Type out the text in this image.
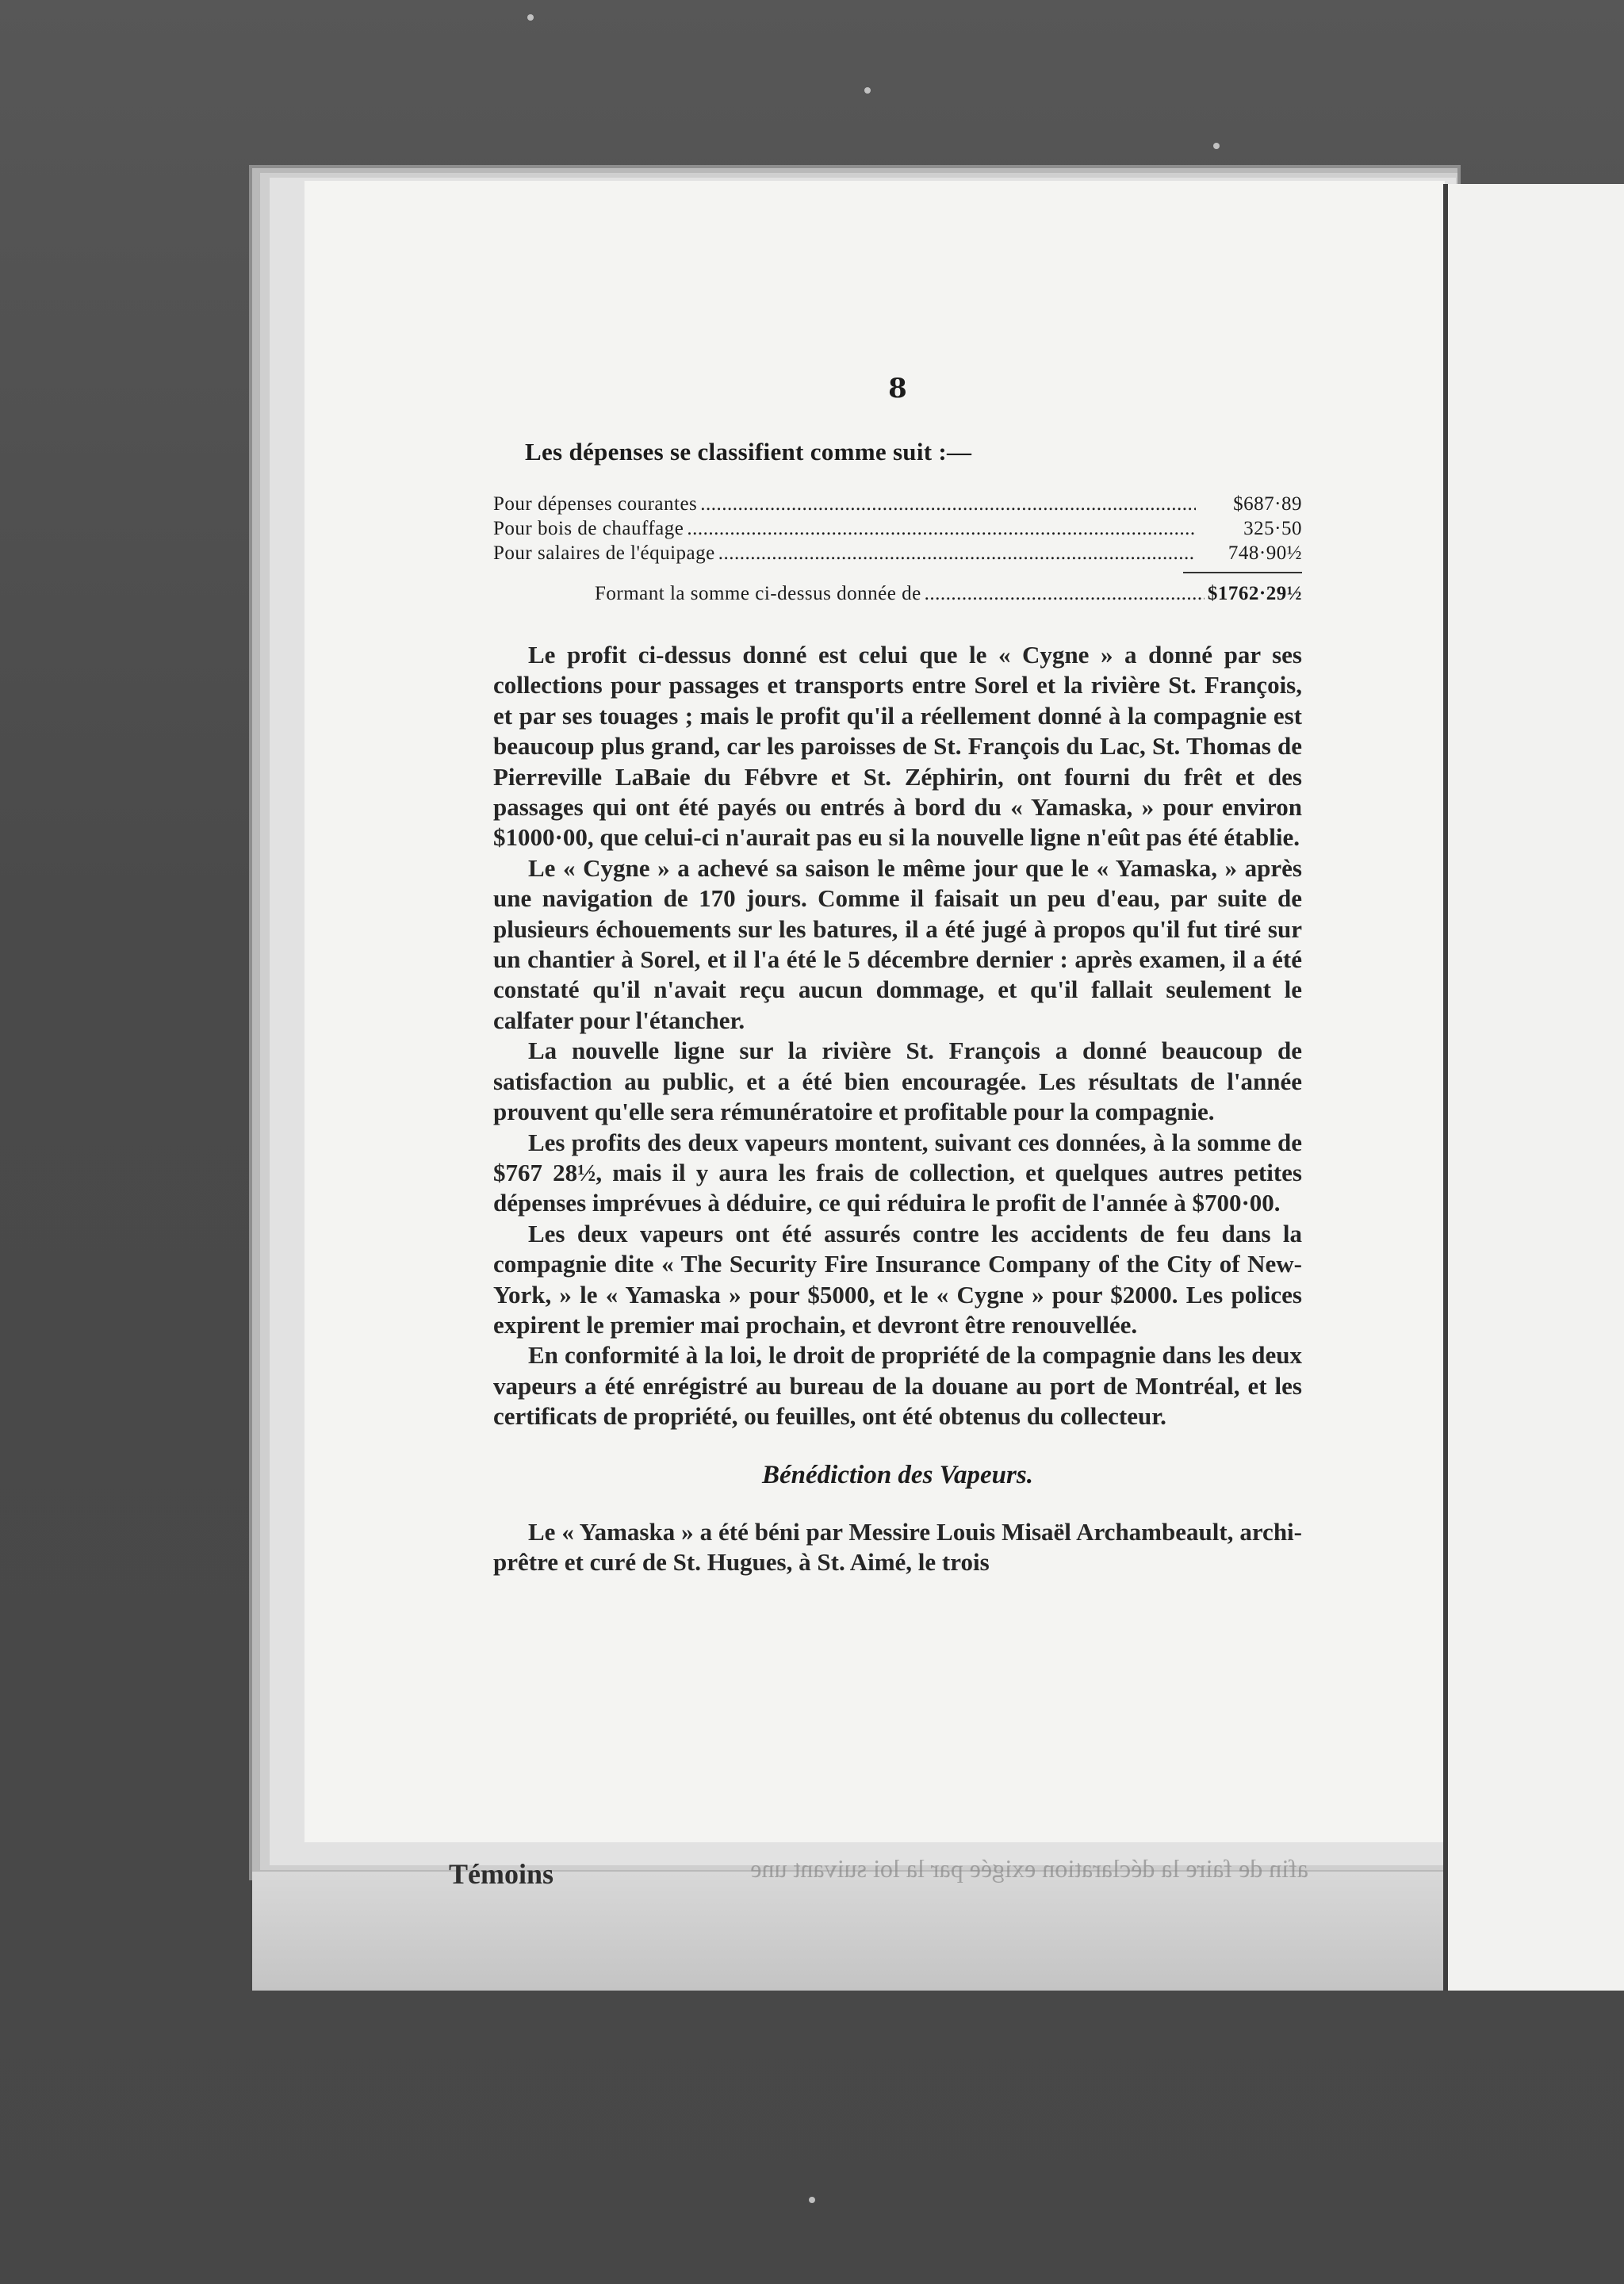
8
Les dépenses se classifient comme suit :—
Pour dépenses courantes .....	$687·89
Pour bois de chauffage .....	325·50
Pour salaires de l'équipage .....	748·90½
Formant la somme ci-dessus donnée de .....	$1762·29½

Le profit ci-dessus donné est celui que le « Cygne » a donné par ses collections pour passages et transports entre Sorel et la rivière St. François, et par ses touages ; mais le profit qu'il a réellement donné à la compagnie est beaucoup plus grand, car les paroisses de St. François du Lac, St. Thomas de Pierreville LaBaie du Fébvre et St. Zéphirin, ont fourni du frêt et des passages qui ont été payés ou entrés à bord du « Yamaska, » pour environ $1000·00, que celui-ci n'aurait pas eu si la nouvelle ligne n'eût pas été établie.

Le « Cygne » a achevé sa saison le même jour que le « Yamaska, » après une navigation de 170 jours. Comme il faisait un peu d'eau, par suite de plusieurs échouements sur les batures, il a été jugé à propos qu'il fut tiré sur un chantier à Sorel, et il l'a été le 5 décembre dernier : après examen, il a été constaté qu'il n'avait reçu aucun dommage, et qu'il fallait seulement le calfater pour l'étancher.

La nouvelle ligne sur la rivière St. François a donné beaucoup de satisfaction au public, et a été bien encouragée. Les résultats de l'année prouvent qu'elle sera rémunératoire et profitable pour la compagnie.

Les profits des deux vapeurs montent, suivant ces données, à la somme de $767 28½, mais il y aura les frais de collection, et quelques autres petites dépenses imprévues à déduire, ce qui réduira le profit de l'année à $700·00.

Les deux vapeurs ont été assurés contre les accidents de feu dans la compagnie dite « The Security Fire Insurance Company of the City of New-York, » le « Yamaska » pour $5000, et le « Cygne » pour $2000. Les polices expirent le premier mai prochain, et devront être renouvellée.

En conformité à la loi, le droit de propriété de la compagnie dans les deux vapeurs a été enrégistré au bureau de la douane au port de Montréal, et les certificats de propriété, ou feuilles, ont été obtenus du collecteur.

Bénédiction des Vapeurs.

Le « Yamaska » a été béni par Messire Louis Misaël Archambeault, archi-prêtre et curé de St. Hugues, à St. Aimé, le trois

afin de faire la déclaration exigée par la loi suivant une
Témoins
